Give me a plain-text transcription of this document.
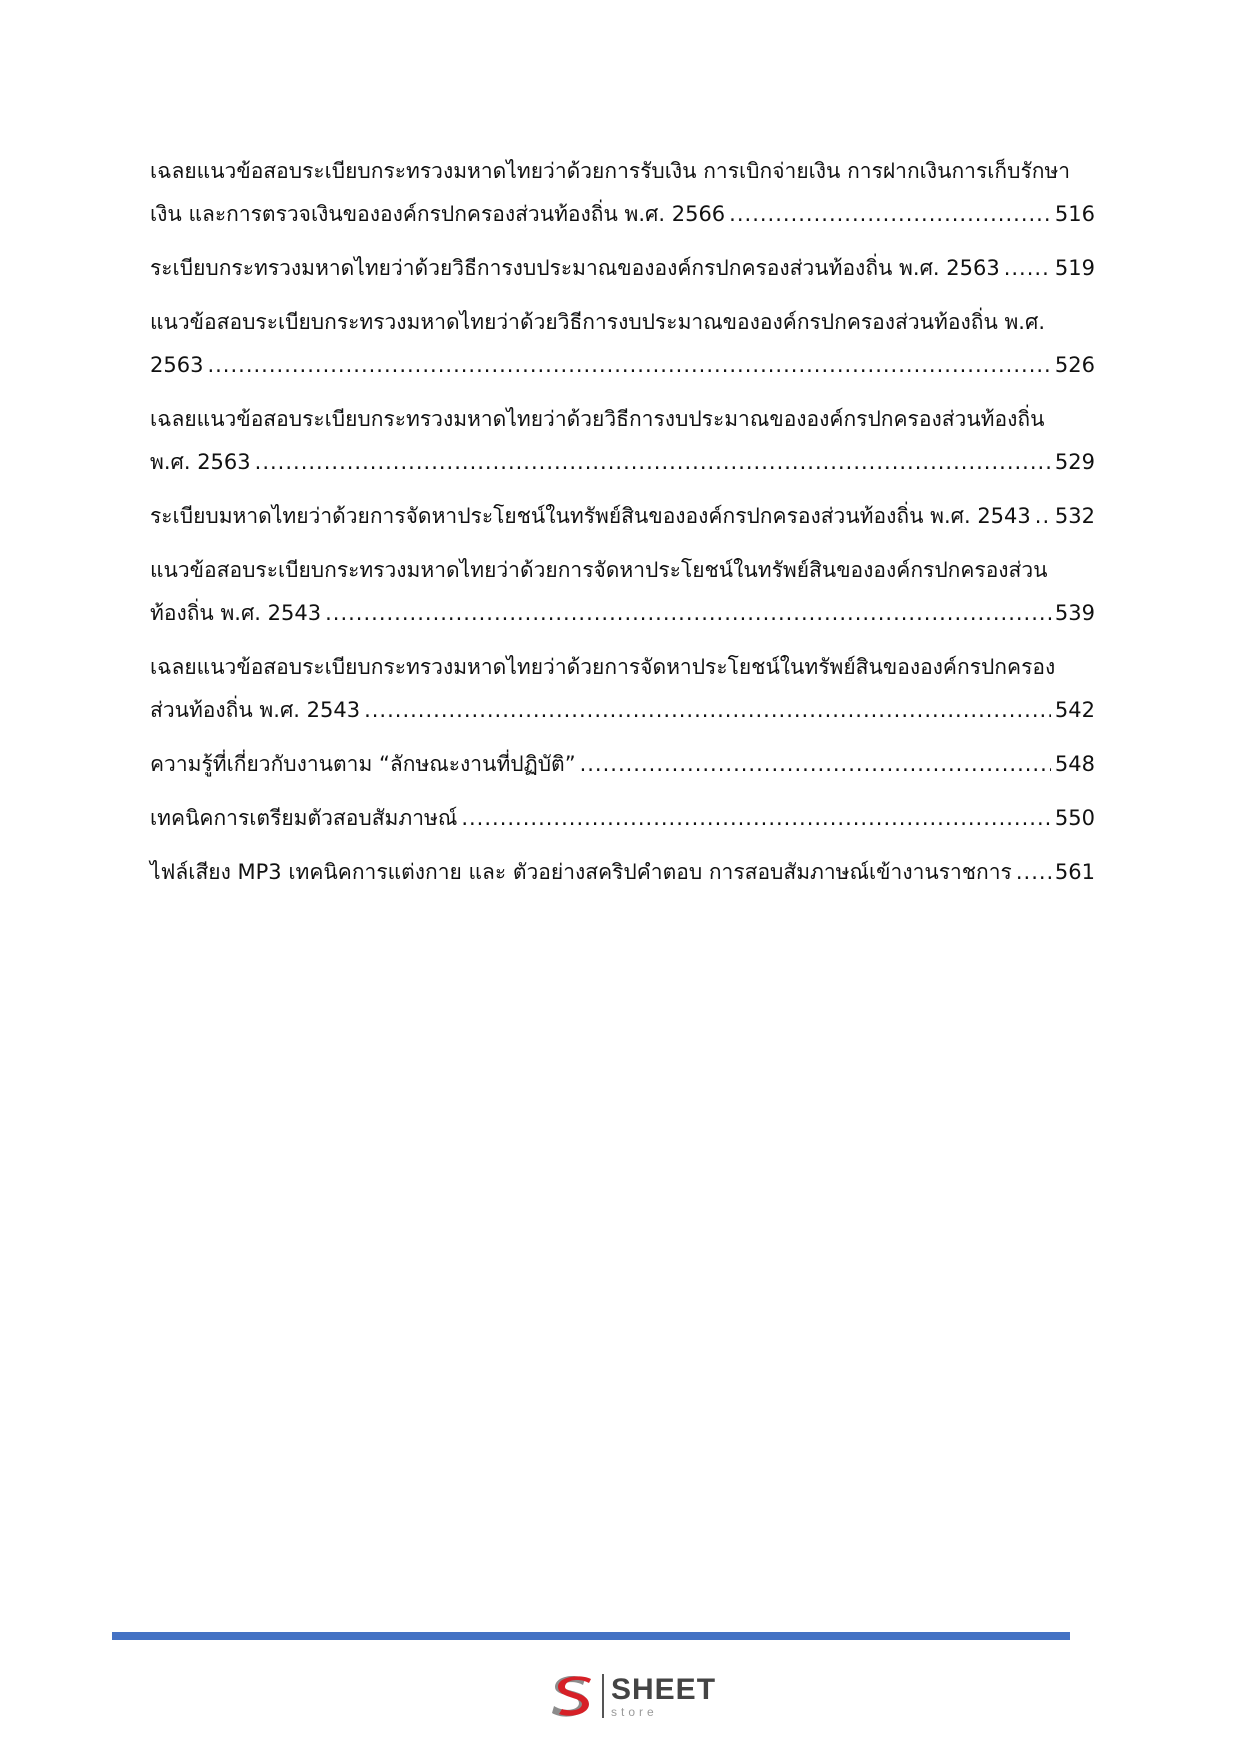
เฉลยแนวข้อสอบระเบียบกระทรวงมหาดไทยว่าด้วยการรับเงิน การเบิกจ่ายเงิน การฝากเงินการเก็บรักษา
เงิน และการตรวจเงินขององค์กรปกครองส่วนท้องถิ่น พ.ศ. 2566 .....	516
ระเบียบกระทรวงมหาดไทยว่าด้วยวิธีการงบประมาณขององค์กรปกครองส่วนท้องถิ่น พ.ศ. 2563 .....	519
แนวข้อสอบระเบียบกระทรวงมหาดไทยว่าด้วยวิธีการงบประมาณขององค์กรปกครองส่วนท้องถิ่น พ.ศ.
2563 .....	526
เฉลยแนวข้อสอบระเบียบกระทรวงมหาดไทยว่าด้วยวิธีการงบประมาณขององค์กรปกครองส่วนท้องถิ่น
พ.ศ. 2563 .....	529
ระเบียบมหาดไทยว่าด้วยการจัดหาประโยชน์ในทรัพย์สินขององค์กรปกครองส่วนท้องถิ่น พ.ศ. 2543 ..... 532
แนวข้อสอบระเบียบกระทรวงมหาดไทยว่าด้วยการจัดหาประโยชน์ในทรัพย์สินขององค์กรปกครองส่วน
ท้องถิ่น พ.ศ. 2543 .....	539
เฉลยแนวข้อสอบระเบียบกระทรวงมหาดไทยว่าด้วยการจัดหาประโยชน์ในทรัพย์สินขององค์กรปกครอง
ส่วนท้องถิ่น พ.ศ. 2543 .....	542
ความรู้ที่เกี่ยวกับงานตาม “ลักษณะงานที่ปฏิบัติ” .....	548
เทคนิคการเตรียมตัวสอบสัมภาษณ์ .....	550
ไฟล์เสียง MP3 เทคนิคการแต่งกาย และ ตัวอย่างสคริปคำตอบ การสอบสัมภาษณ์เข้างานราชการ ..... 561
SHEET
store
